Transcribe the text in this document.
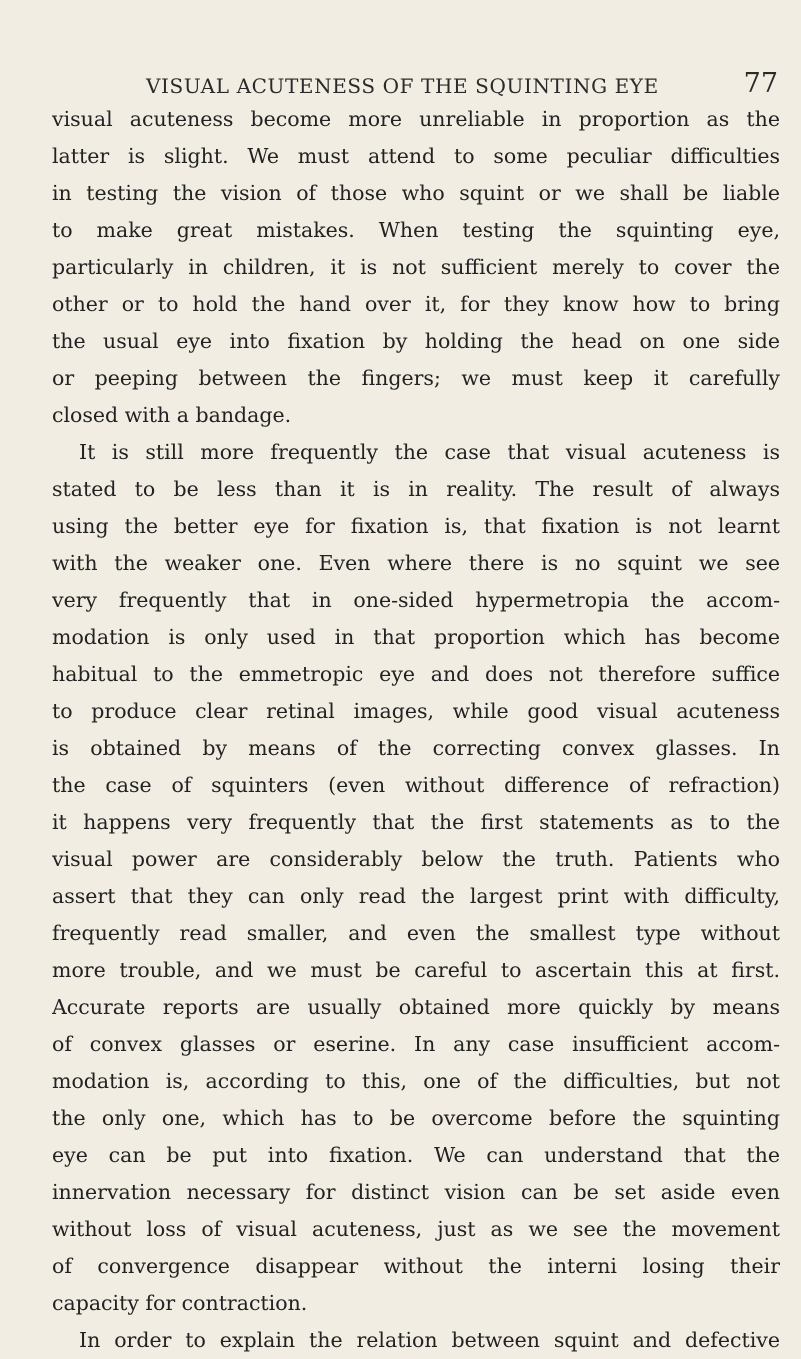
VISUAL ACUTENESS OF THE SQUINTING EYE	77
visual acuteness become more unreliable in proportion as the
latter is slight. We must attend to some peculiar difficulties
in testing the vision of those who squint or we shall be liable
to make great mistakes. When testing the squinting eye,
particularly in children, it is not sufficient merely to cover the
other or to hold the hand over it, for they know how to bring
the usual eye into fixation by holding the head on one side
or peeping between the fingers; we must keep it carefully
closed with a bandage.
It is still more frequently the case that visual acuteness is
stated to be less than it is in reality. The result of always
using the better eye for fixation is, that fixation is not learnt
with the weaker one. Even where there is no squint we see
very frequently that in one-sided hypermetropia the accom-
modation is only used in that proportion which has become
habitual to the emmetropic eye and does not therefore suffice
to produce clear retinal images, while good visual acuteness
is obtained by means of the correcting convex glasses. In
the case of squinters (even without difference of refraction)
it happens very frequently that the first statements as to the
visual power are considerably below the truth. Patients who
assert that they can only read the largest print with difficulty,
frequently read smaller, and even the smallest type without
more trouble, and we must be careful to ascertain this at first.
Accurate reports are usually obtained more quickly by means
of convex glasses or eserine. In any case insufficient accom-
modation is, according to this, one of the difficulties, but not
the only one, which has to be overcome before the squinting
eye can be put into fixation. We can understand that the
innervation necessary for distinct vision can be set aside even
without loss of visual acuteness, just as we see the movement
of convergence disappear without the interni losing their
capacity for contraction.
In order to explain the relation between squint and defective
